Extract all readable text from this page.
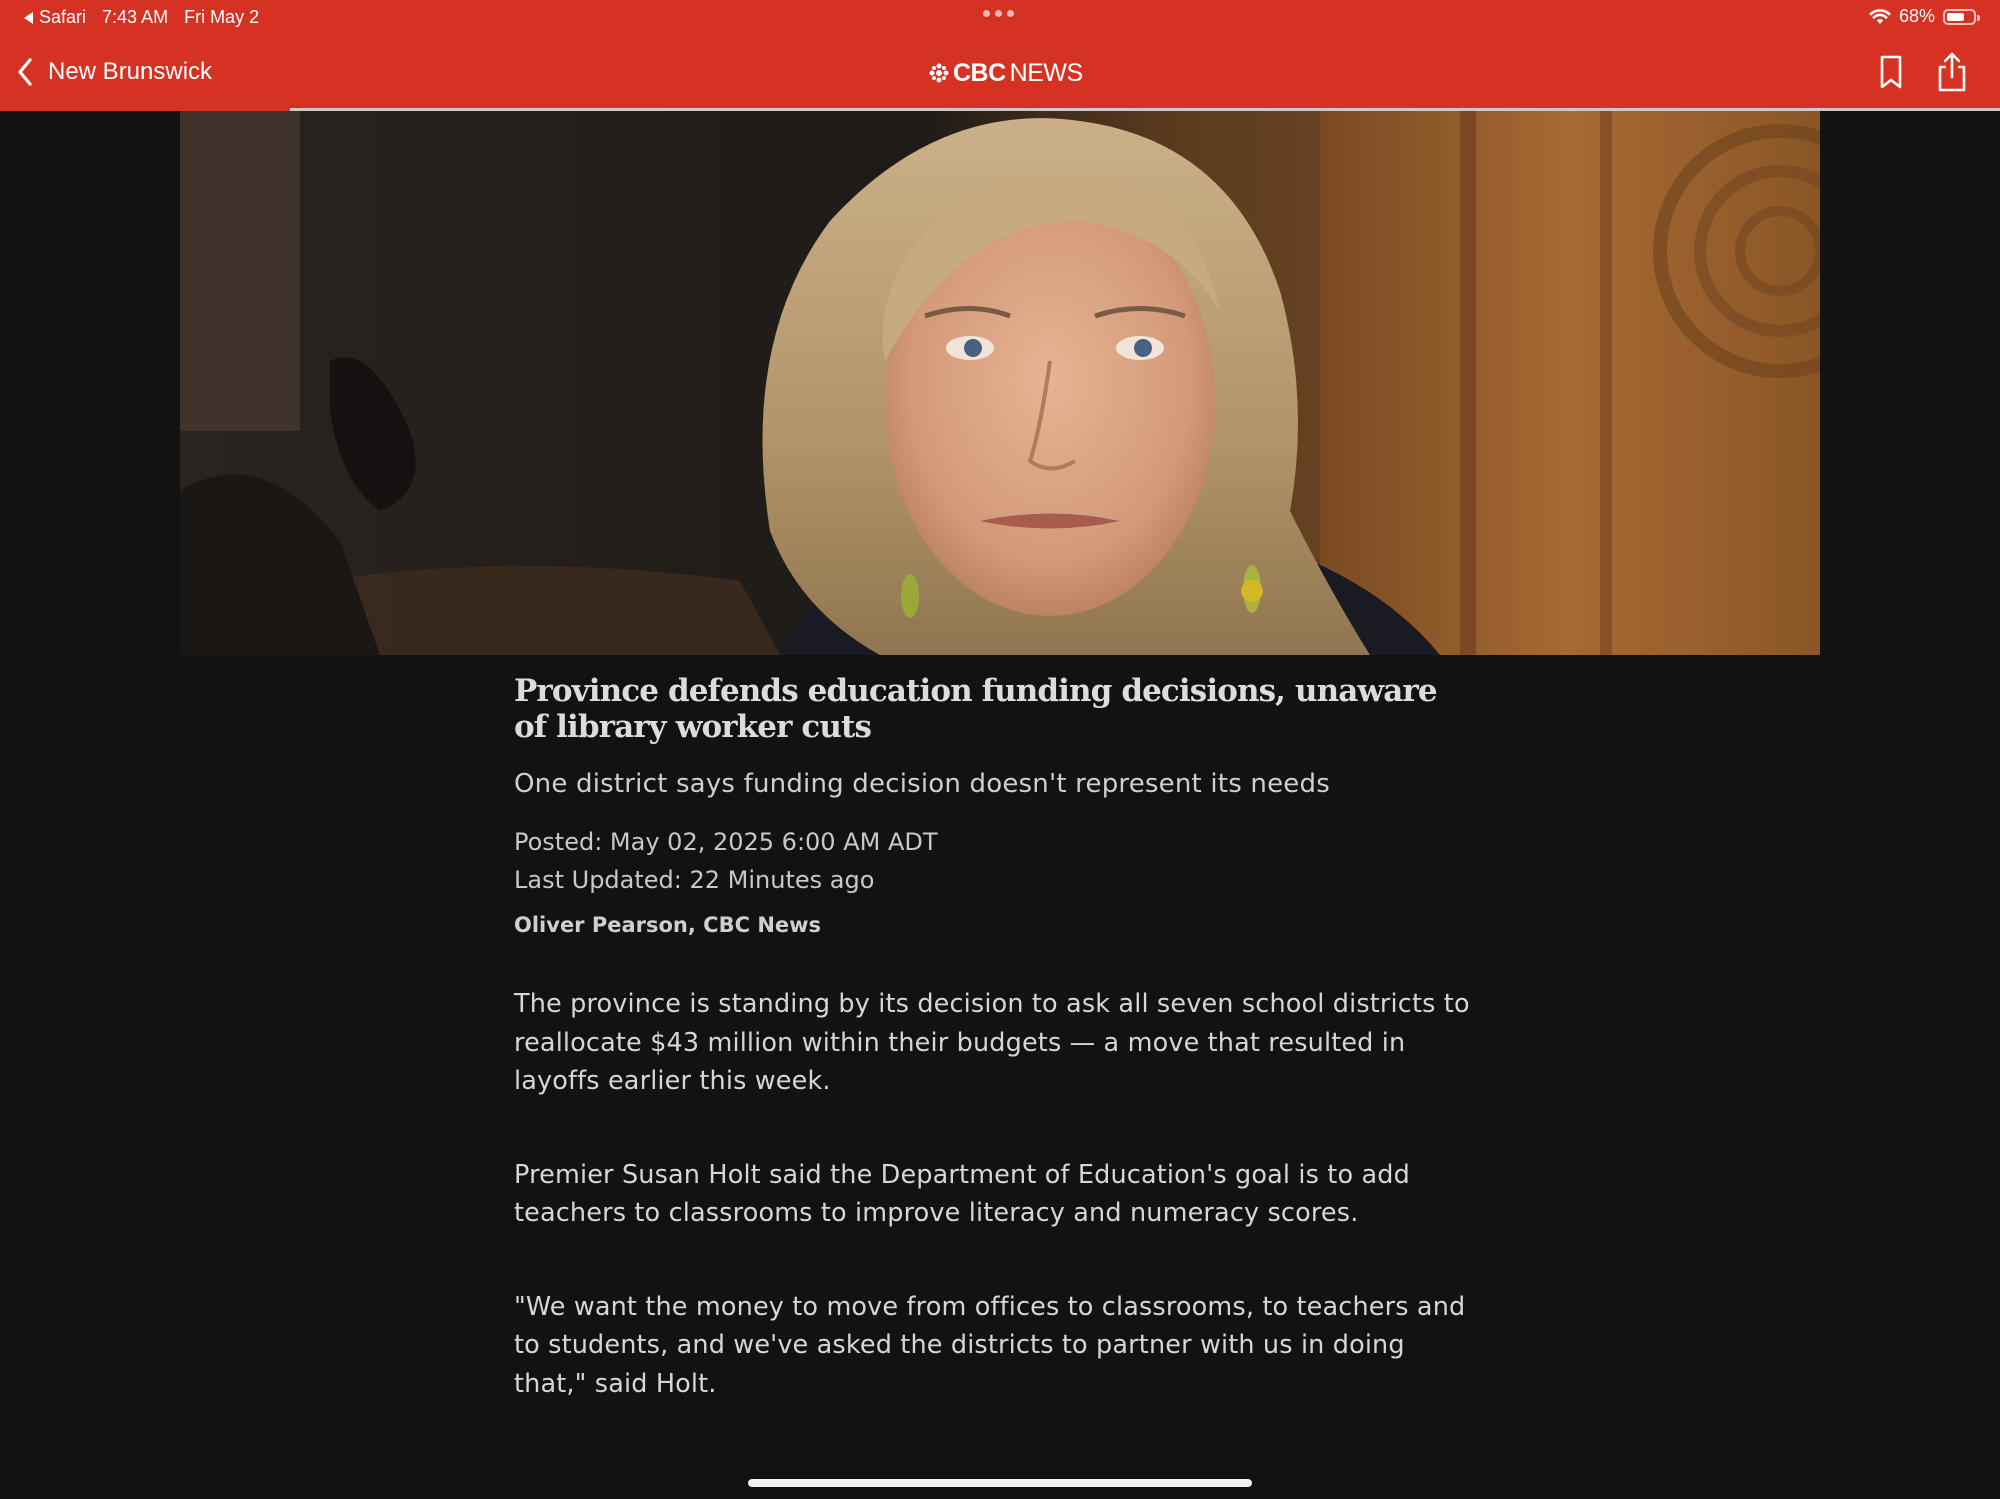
Safari 7:43 AM Fri May 2	68%
New Brunswick	CBC NEWS
Province defends education funding decisions, unaware of library worker cuts

One district says funding decision doesn't represent its needs

Posted: May 02, 2025 6:00 AM ADT
Last Updated: 22 Minutes ago
Oliver Pearson, CBC News

The province is standing by its decision to ask all seven school districts to reallocate $43 million within their budgets — a move that resulted in layoffs earlier this week.

Premier Susan Holt said the Department of Education's goal is to add teachers to classrooms to improve literacy and numeracy scores.

"We want the money to move from offices to classrooms, to teachers and to students, and we've asked the districts to partner with us in doing that," said Holt.
